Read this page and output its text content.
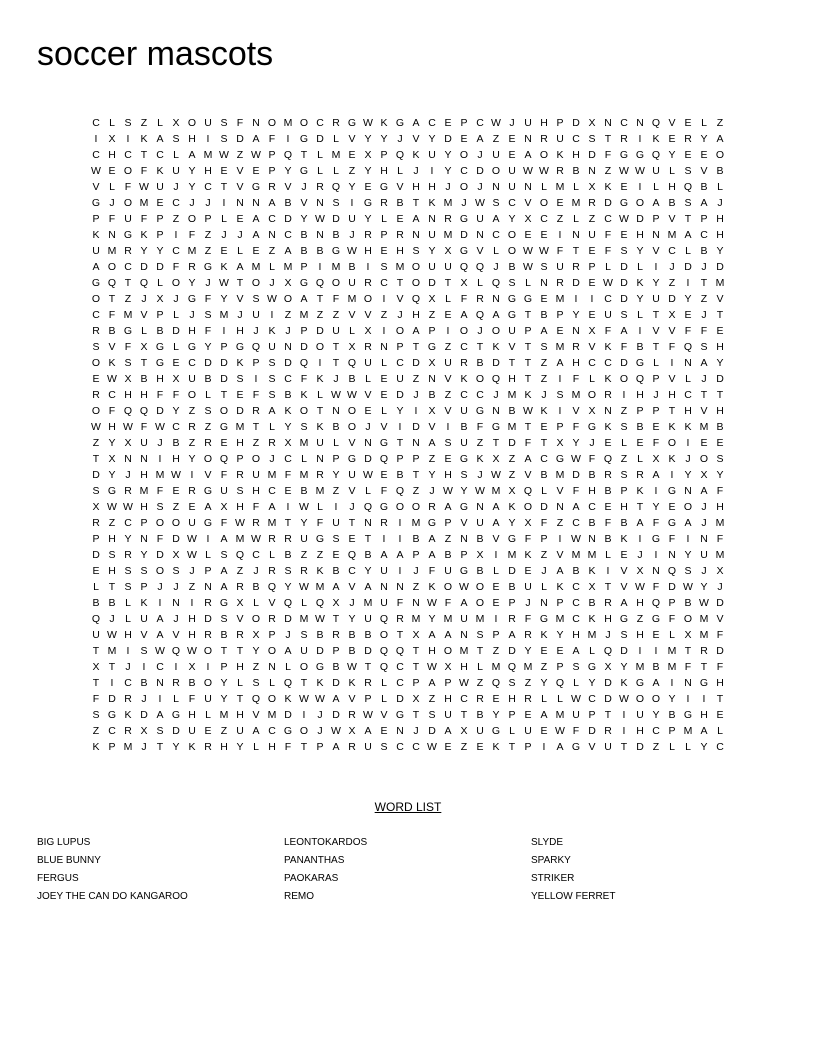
soccer mascots
C L S Z L X O U S F N O M O C R G W K G A C E P C W J U H P D X N C N Q V E L Z
I	X	I	K A S H	I	S D A F	I G D L V Y Y J V Y D E A Z E N R U C S T R	I	K E R Y A
C H C T C L A M W Z W P Q T L M E X P Q K U Y O J U E A O K H D F G G Q Y E E O
W E O F K U Y H E V E P Y G L L Z Y H L J	I	Y C D O U W W R B N Z W W U L S V B
V L F W U J Y C T V G R V J R Q Y E G V H H J O J N U N L M L X K E	I	L H Q B L
G J O M E C J	J	I	N N A B V N S	I G R B T K M J W S C V O E M R D G O A B S A J
P F U F P Z O P L E A C D Y W D U Y L E A N R G U A Y X C Z L Z C W D P V T P H
K N G K P	I	F Z J	J A N C B N B J R P R N U M D N C O E E	I	N U F E H N M A C H
U M R Y Y C M Z E L E Z A B B G W H E H S Y X G V L O W W F T E F S Y V C L B Y
A O C D D F R G K A M L M P	I M B	I	S M O U U Q Q J B W S U R P L D L	I	J D J D
G Q T Q L O Y J W T O J X G Q O U R C T O D T X L Q S L N R D E W D K Y Z	I	T M
O T Z J X J G F Y V S W O A T F M O I	V Q X L F R N G G E M I	I	C D Y U D Y Z V
C F M V P L J S M J U	I	Z M Z Z V V Z J H Z E A Q A G T B P Y E U S L T X E J T
R B G L B D H F	I	H J K J P D U L X	I O A P	I O J O U P A E N X F A	I	V V F F E
S V F X G L G Y P G Q U N D O T X R N P T G Z C T K V T S M R V K F B T F Q S H
O K S T G E C D D K P S D Q I	T Q U L C D X U R B D T T Z A H C C D G L	I	N A Y
E W X B H X U B D S	I	S C F K J B L E U Z N V K O Q H T Z	I	F L K O Q P V L J D
R C H H F F O L T E F S B K L W W V E D J B Z C C J M K J S M O R	I	H J H C T T
O F Q Q D Y Z S O D R A K O T N O E L Y	I	X V U G N B W K	I	V X N Z P P T H V H
W H W F W C R Z G M T L Y S K B O J V	I	D V	I	B F G M T E P F G K S B E K K M B
Z Y X U J B Z R E H Z R X M U L V N G T N A S U Z T D F T X Y J E L E F O I	E E
T X N N	I	H Y O Q P O J C L N P G D Q P P Z E G K X Z A C G W F Q Z L X K J O S
D Y J H M W I	V F R U M F M R Y U W E B T Y H S J W Z V B M D B R S R A	I	Y X Y
S G R M F E R G U S H C E B M Z V L F Q Z J W Y W M X Q L V F H B P K	I G N A F
X W W H S Z E A X H F A	I W L	I	J Q G O O R A G N A K O D N A C E H T Y E O J H
R Z C P O O U G F W R M T Y F U T N R	I M G P V U A Y X F Z C B F B A F G A J M
P H Y N F D W I	A M W R R U G S E T	I	I	B A Z N B V G F P	I W N B K	I G F	I	N F
D S R Y D X W L S Q C L B Z Z E Q B A A P A B P X	I M K Z V M M L E J	I	N Y U M
E H S S O S J P A Z J R S R K B C Y U	I	J F U G B L D E J A B K	I	V X N Q S J X
L T S P J	J Z N A R B Q Y W M A V A N N Z K O W O E B U L K C X T V W F D W Y J
B B L K	I	N	I	R G X L V Q L Q X J M U F N W F A O E P J N P C B R A H Q P B W D
Q J L U A J H D S V O R D M W T Y U Q R M Y M U M I	R F G M C K H G Z G F O M V
U W H V A V H R B R X P J S B R B B O T X A A N S P A R K Y H M J S H E L X M F
T M I	S W Q W O T T Y O A U D P B D Q Q T H O M T Z D Y E E A L Q D	I	I M T R D
X T J	I	C	I	X	I	P H Z N L O G B W T Q C T W X H L M Q M Z P S G X Y M B M F T F
T	I	C B N R B O Y L S L Q T K D K R L C P A P W Z Q S Z Y Q L Y D K G A	I	N G H
F D R J	I	L F U Y T Q O K W W A V P L D X Z H C R E H R L L W C D W O O Y	I	I	T
S G K D A G H L M H V M D	I	J D R W V G T S U T B Y P E A M U P T	I	U Y B G H E
Z C R X S D U E Z U A C G O J W X A E N J D A X U G L U E W F D R	I	H C P M A L
K P M J T Y K R H Y L H F T P A R U S C C W E Z E K T P	I	A G V U T D Z L L Y C
WORD LIST
BIG LUPUS
BLUE BUNNY
FERGUS
JOEY THE CAN DO KANGAROO
LEONTOKARDOS
PANANTHAS
PAOKARAS
REMO
SLYDE
SPARKY
STRIKER
YELLOW FERRET
